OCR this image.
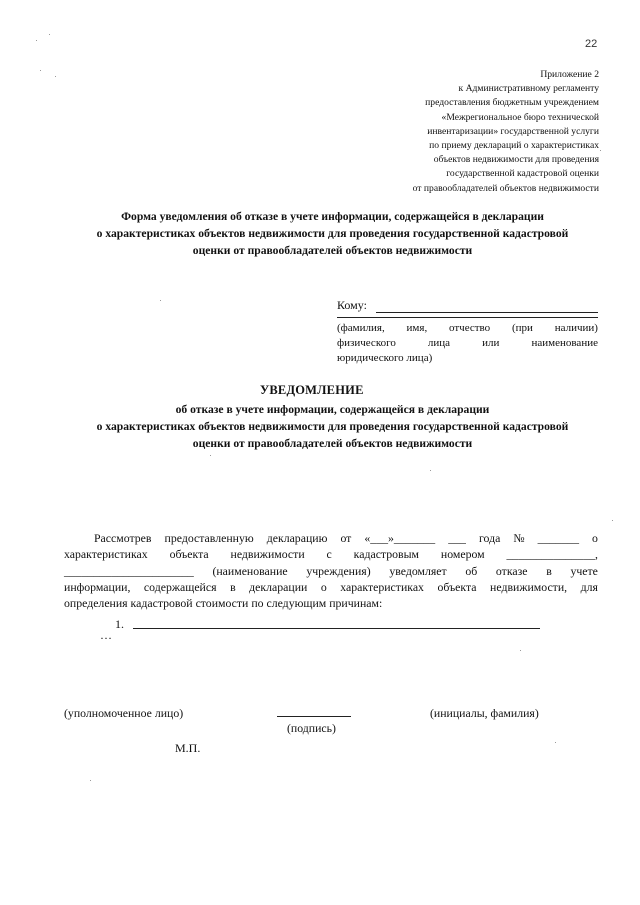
22
Приложение 2
к Административному регламенту
предоставления бюджетным учреждением
«Межрегиональное бюро технической
инвентаризации» государственной услуги
по приему деклараций о характеристиках
объектов недвижимости для проведения
государственной кадастровой оценки
от правообладателей объектов недвижимости
Форма уведомления об отказе в учете информации, содержащейся в декларации
о характеристиках объектов недвижимости для проведения государственной кадастровой
оценки от правообладателей объектов недвижимости
Кому:
(фамилия, имя, отчество (при наличии)
физического	лица	или	наименование
юридического лица)
УВЕДОМЛЕНИЕ
об отказе в учете информации, содержащейся в декларации
о характеристиках объектов недвижимости для проведения государственной кадастровой
оценки от правообладателей объектов недвижимости
Рассмотрев предоставленную декларацию от «___»_______ ___ года № _______ о
характеристиках объекта недвижимости с кадастровым номером _______________,
______________________ (наименование учреждения) уведомляет об отказе в учете
информации, содержащейся в декларации о характеристиках объекта недвижимости, для
определения кадастровой стоимости по следующим причинам:
1.
…
(уполномоченное лицо)
(подпись)
(инициалы, фамилия)
М.П.
